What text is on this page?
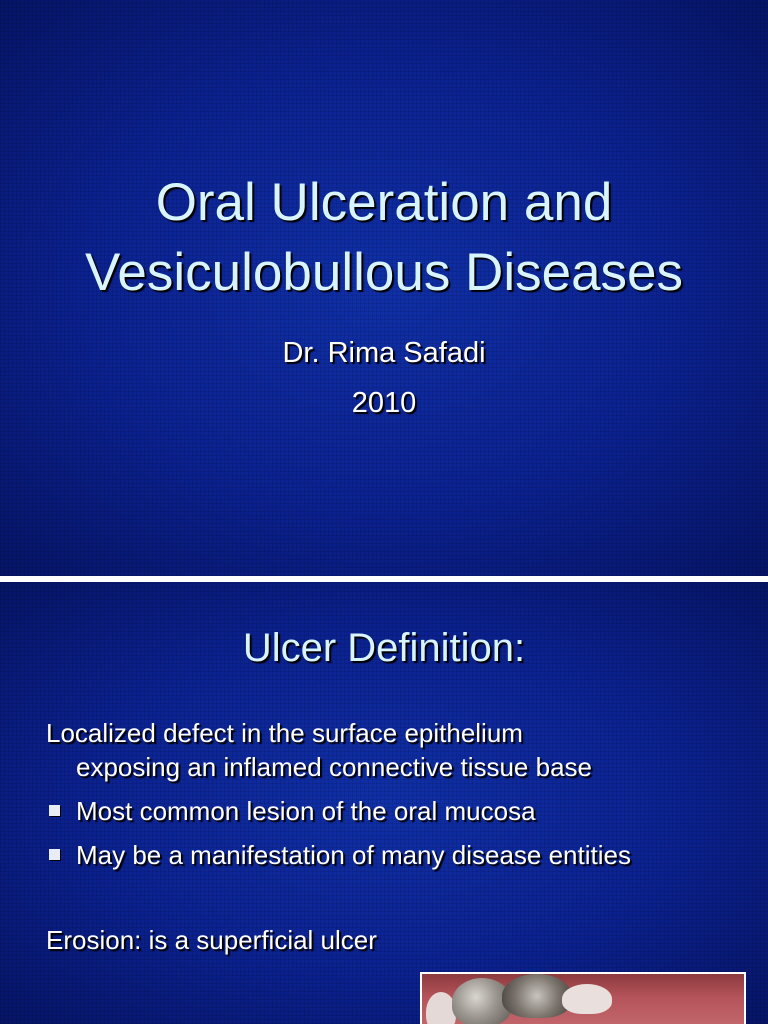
Oral Ulceration and
Vesiculobullous Diseases
Dr. Rima Safadi
2010
Ulcer Definition:
Localized defect in the surface epithelium
exposing an inflamed connective tissue base
Most common lesion of the oral mucosa
May be a manifestation of many disease entities
Erosion: is a superficial ulcer
